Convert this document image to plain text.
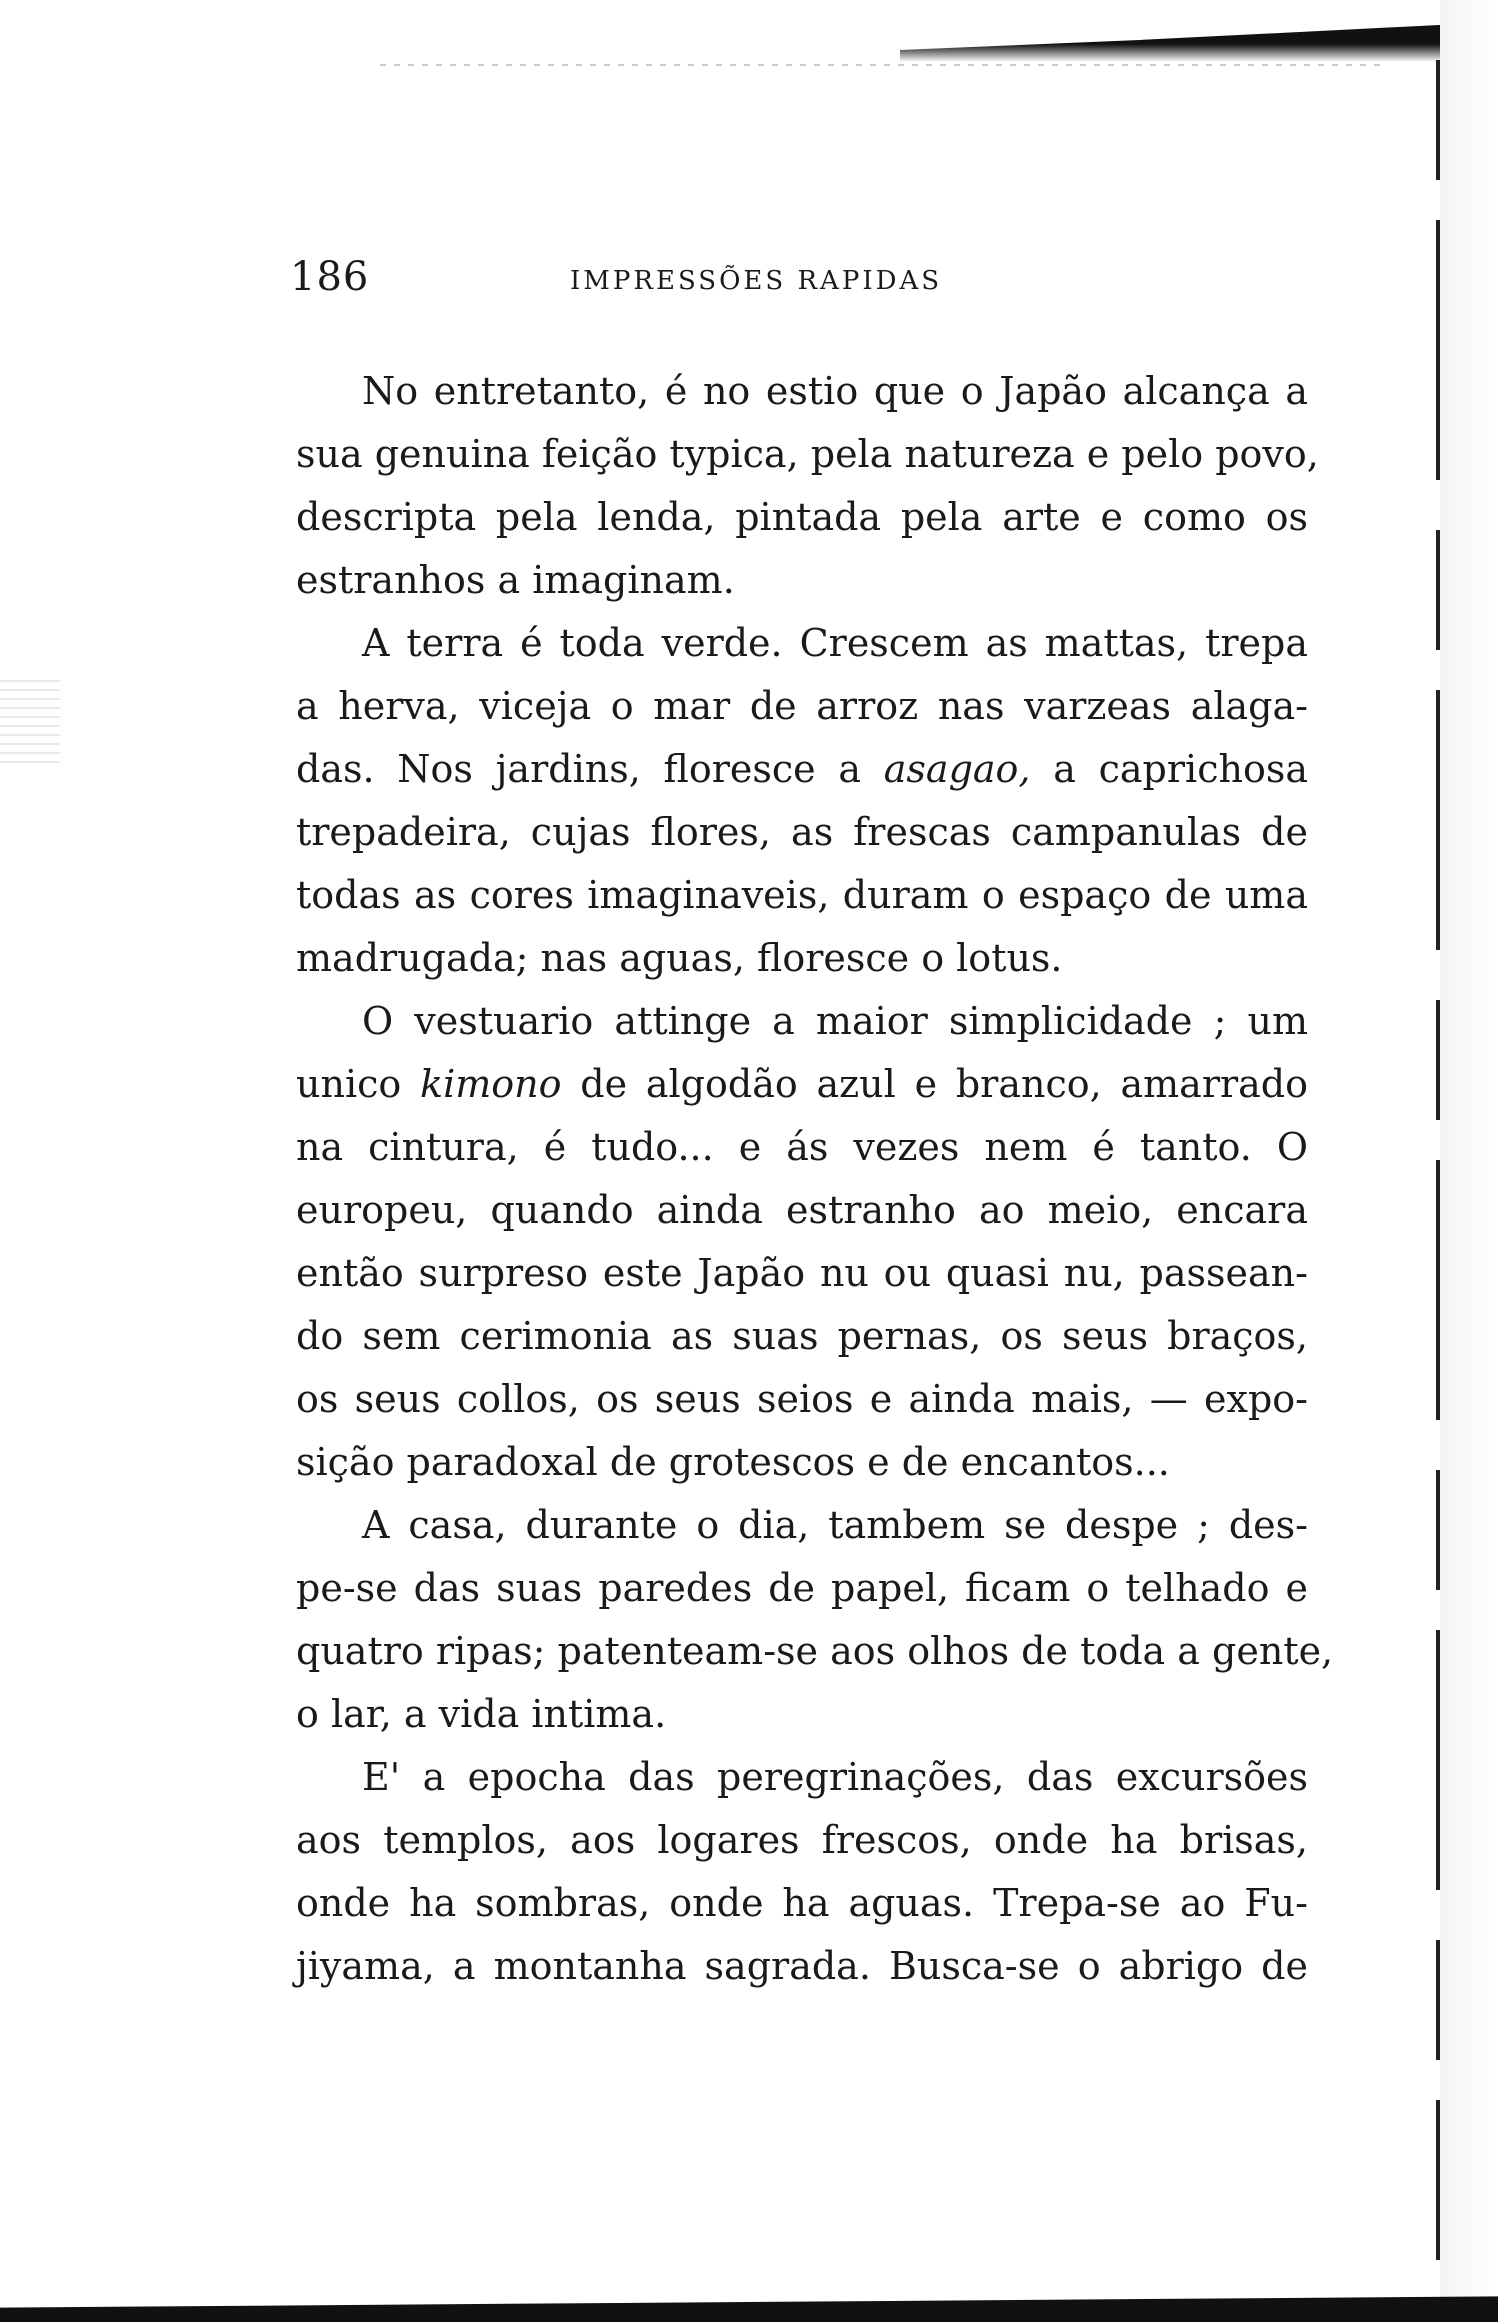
186	IMPRESSÕES RAPIDAS
No entretanto, é no estio que o Japão alcança a
sua genuina feição typica, pela natureza e pelo povo,
descripta pela lenda, pintada pela arte e como os
estranhos a imaginam.
A terra é toda verde. Crescem as mattas, trepa
a herva, viceja o mar de arroz nas varzeas alaga-
das. Nos jardins, floresce a asagao, a caprichosa
trepadeira, cujas flores, as frescas campanulas de
todas as cores imaginaveis, duram o espaço de uma
madrugada; nas aguas, floresce o lotus.
O vestuario attinge a maior simplicidade ; um
unico kimono de algodão azul e branco, amarrado
na cintura, é tudo... e ás vezes nem é tanto. O
europeu, quando ainda estranho ao meio, encara
então surpreso este Japão nu ou quasi nu, passean-
do sem cerimonia as suas pernas, os seus braços,
os seus collos, os seus seios e ainda mais, — expo-
sição paradoxal de grotescos e de encantos...
A casa, durante o dia, tambem se despe ; des-
pe-se das suas paredes de papel, ficam o telhado e
quatro ripas; patenteam-se aos olhos de toda a gente,
o lar, a vida intima.
E' a epocha das peregrinações, das excursões
aos templos, aos logares frescos, onde ha brisas,
onde ha sombras, onde ha aguas. Trepa-se ao Fu-
jiyama, a montanha sagrada. Busca-se o abrigo de
